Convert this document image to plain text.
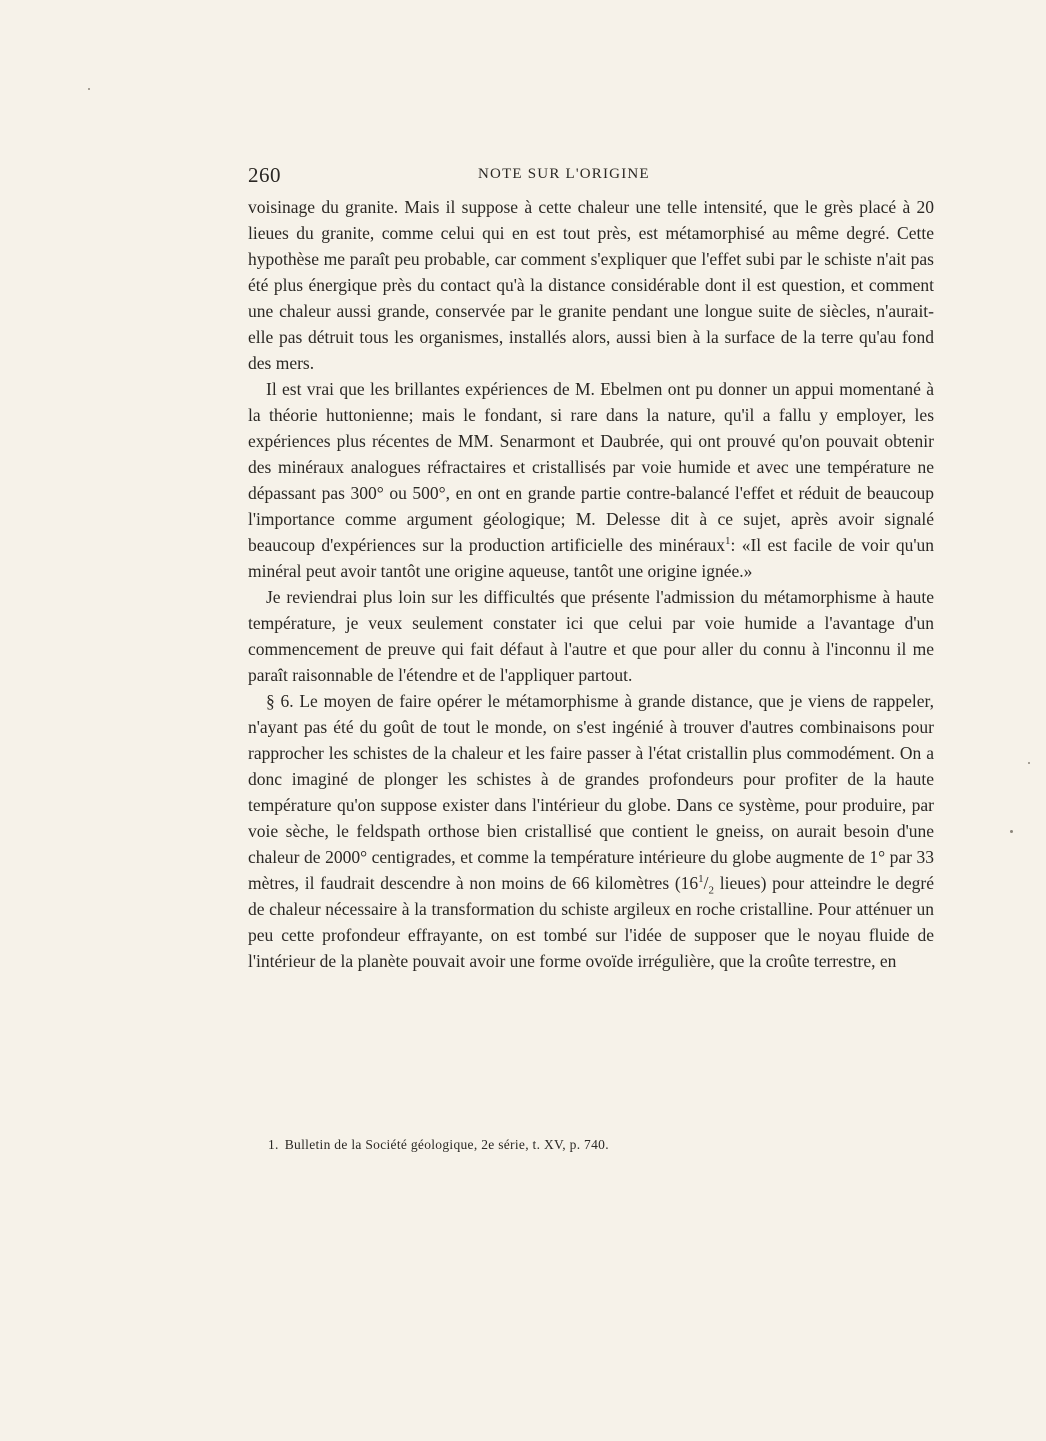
260	NOTE SUR L'ORIGINE

voisinage du granite. Mais il suppose à cette chaleur une telle intensité, que le grès placé à 20 lieues du granite, comme celui qui en est tout près, est métamorphisé au même degré. Cette hypothèse me paraît peu probable, car comment s'expliquer que l'effet subi par le schiste n'ait pas été plus énergique près du contact qu'à la distance considérable dont il est question, et comment une chaleur aussi grande, conservée par le granite pendant une longue suite de siècles, n'aurait-elle pas détruit tous les organismes, installés alors, aussi bien à la surface de la terre qu'au fond des mers.

Il est vrai que les brillantes expériences de M. Ebelmen ont pu donner un appui momentané à la théorie huttonienne; mais le fondant, si rare dans la nature, qu'il a fallu y employer, les expériences plus récentes de MM. Senarmont et Daubrée, qui ont prouvé qu'on pouvait obtenir des minéraux analogues réfractaires et cristallisés par voie humide et avec une température ne dépassant pas 300° ou 500°, en ont en grande partie contre-balancé l'effet et réduit de beaucoup l'importance comme argument géologique; M. Delesse dit à ce sujet, après avoir signalé beaucoup d'expériences sur la production artificielle des minéraux$^1$: «Il est facile de voir qu'un minéral peut avoir tantôt une origine aqueuse, tantôt une origine ignée.»

Je reviendrai plus loin sur les difficultés que présente l'admission du métamorphisme à haute température, je veux seulement constater ici que celui par voie humide a l'avantage d'un commencement de preuve qui fait défaut à l'autre et que pour aller du connu à l'inconnu il me paraît raisonnable de l'étendre et de l'appliquer partout.

§ 6. Le moyen de faire opérer le métamorphisme à grande distance, que je viens de rappeler, n'ayant pas été du goût de tout le monde, on s'est ingénié à trouver d'autres combinaisons pour rapprocher les schistes de la chaleur et les faire passer à l'état cristallin plus commodément. On a donc imaginé de plonger les schistes à de grandes profondeurs pour profiter de la haute température qu'on suppose exister dans l'intérieur du globe. Dans ce système, pour produire, par voie sèche, le feldspath orthose bien cristallisé que contient le gneiss, on aurait besoin d'une chaleur de 2000° centigrades, et comme la température intérieure du globe augmente de 1° par 33 mètres, il faudrait descendre à non moins de 66 kilomètres ($16^1/_2$ lieues) pour atteindre le degré de chaleur nécessaire à la transformation du schiste argileux en roche cristalline. Pour atténuer un peu cette profondeur effrayante, on est tombé sur l'idée de supposer que le noyau fluide de l'intérieur de la planète pouvait avoir une forme ovoïde irrégulière, que la croûte terrestre, en

1. Bulletin de la Société géologique, 2e série, t. XV, p. 740.
